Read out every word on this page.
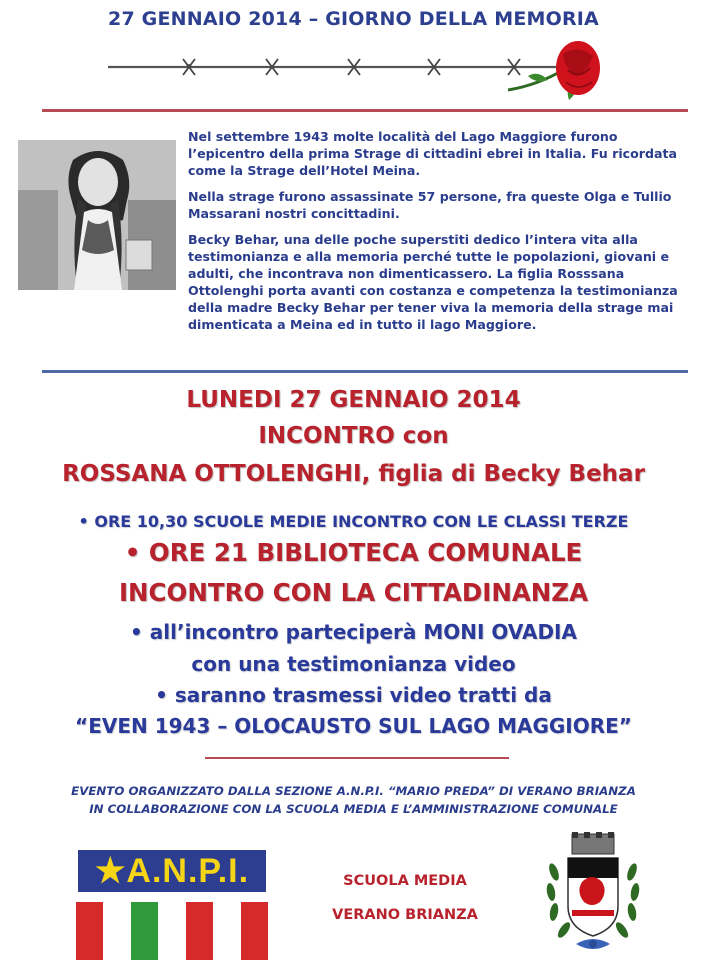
27 GENNAIO 2014 – GIORNO DELLA MEMORIA

Nel settembre 1943 molte località del Lago Maggiore furono l’epicentro della prima Strage di cittadini ebrei in Italia. Fu ricordata come la Strage dell’Hotel Meina.

Nella strage furono assassinate 57 persone, fra queste Olga e Tullio Massarani nostri concittadini.

Becky Behar, una delle poche superstiti dedico l’intera vita alla testimonianza e alla memoria perché tutte le popolazioni, giovani e adulti, che incontrava non dimenticassero. La figlia Rosssana Ottolenghi porta avanti con costanza e competenza la testimonianza della madre Becky Behar per tener viva la memoria della strage mai dimenticata a Meina ed in tutto il lago Maggiore.

LUNEDI 27 GENNAIO 2014
INCONTRO con
ROSSANA OTTOLENGHI, figlia di Becky Behar
• ORE 10,30 SCUOLE MEDIE INCONTRO CON LE CLASSI TERZE
• ORE 21 BIBLIOTECA COMUNALE
INCONTRO CON LA CITTADINANZA
• all’incontro parteciperà MONI OVADIA
con una testimonianza video
• saranno trasmessi video tratti da
“EVEN 1943 – OLOCAUSTO SUL LAGO MAGGIORE”
EVENTO ORGANIZZATO DALLA SEZIONE A.N.P.I. “MARIO PREDA” DI VERANO BRIANZA
IN COLLABORAZIONE CON LA SCUOLA MEDIA E L’AMMINISTRAZIONE COMUNALE
★A.N.P.I.	SCUOLA MEDIA
VERANO BRIANZA
